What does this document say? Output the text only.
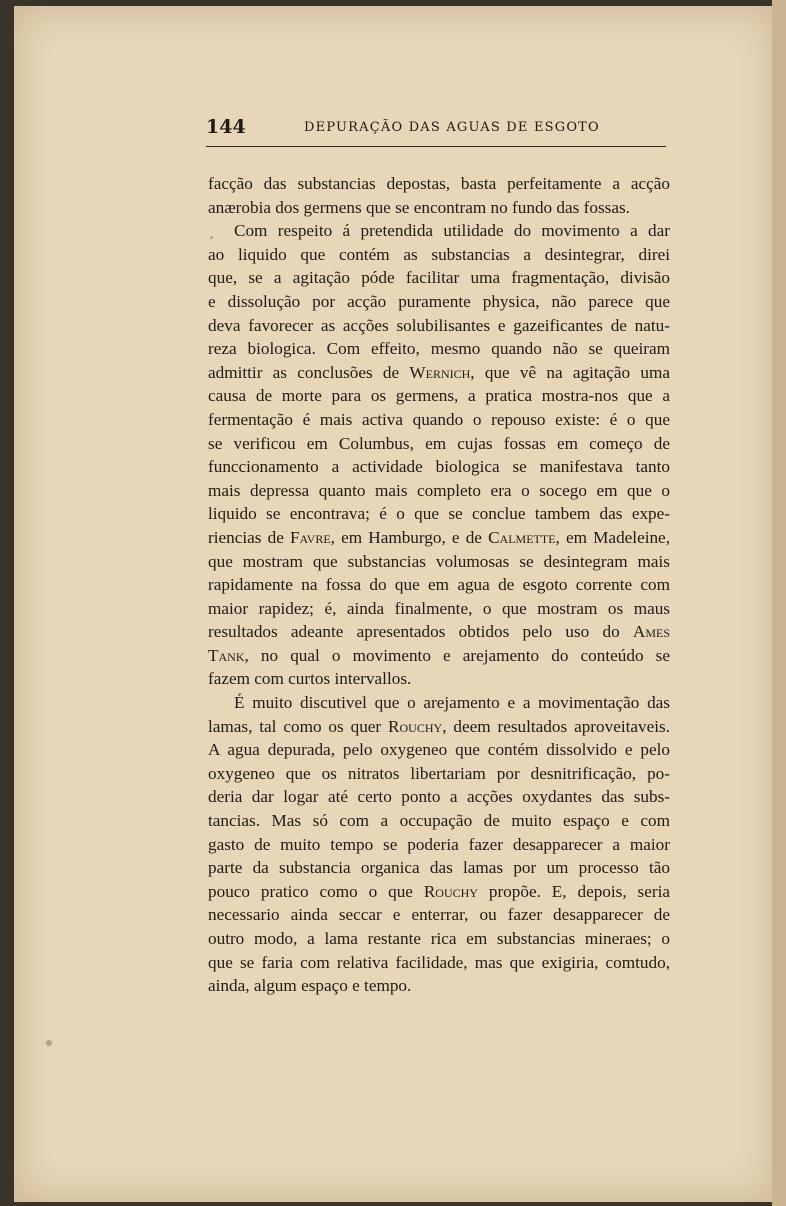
144	DEPURAÇÃO DAS AGUAS DE ESGOTO
facção das substancias depostas, basta perfeitamente a acção
anærobia dos germens que se encontram no fundo das fossas.
Com respeito á pretendida utilidade do movimento a dar
ao liquido que contém as substancias a desintegrar, direi
que, se a agitação póde facilitar uma fragmentação, divisão
e dissolução por acção puramente physica, não parece que
deva favorecer as acções solubilisantes e gazeificantes de natu-
reza biologica. Com effeito, mesmo quando não se queiram
admittir as conclusões de Wernich, que vê na agitação uma
causa de morte para os germens, a pratica mostra-nos que a
fermentação é mais activa quando o repouso existe: é o que
se verificou em Columbus, em cujas fossas em começo de
funccionamento a actividade biologica se manifestava tanto
mais depressa quanto mais completo era o socego em que o
liquido se encontrava; é o que se conclue tambem das expe-
riencias de Favre, em Hamburgo, e de Calmette, em Madeleine,
que mostram que substancias volumosas se desintegram mais
rapidamente na fossa do que em agua de esgoto corrente com
maior rapidez; é, ainda finalmente, o que mostram os maus
resultados adeante apresentados obtidos pelo uso do Ames
Tank, no qual o movimento e arejamento do conteúdo se
fazem com curtos intervallos.
É muito discutivel que o arejamento e a movimentação das
lamas, tal como os quer Rouchy, deem resultados aproveitaveis.
A agua depurada, pelo oxygeneo que contém dissolvido e pelo
oxygeneo que os nitratos libertariam por desnitrificação, po-
deria dar logar até certo ponto a acções oxydantes das subs-
tancias. Mas só com a occupação de muito espaço e com
gasto de muito tempo se poderia fazer desapparecer a maior
parte da substancia organica das lamas por um processo tão
pouco pratico como o que Rouchy propõe. E, depois, seria
necessario ainda seccar e enterrar, ou fazer desapparecer de
outro modo, a lama restante rica em substancias mineraes; o
que se faria com relativa facilidade, mas que exigiria, comtudo,
ainda, algum espaço e tempo.
